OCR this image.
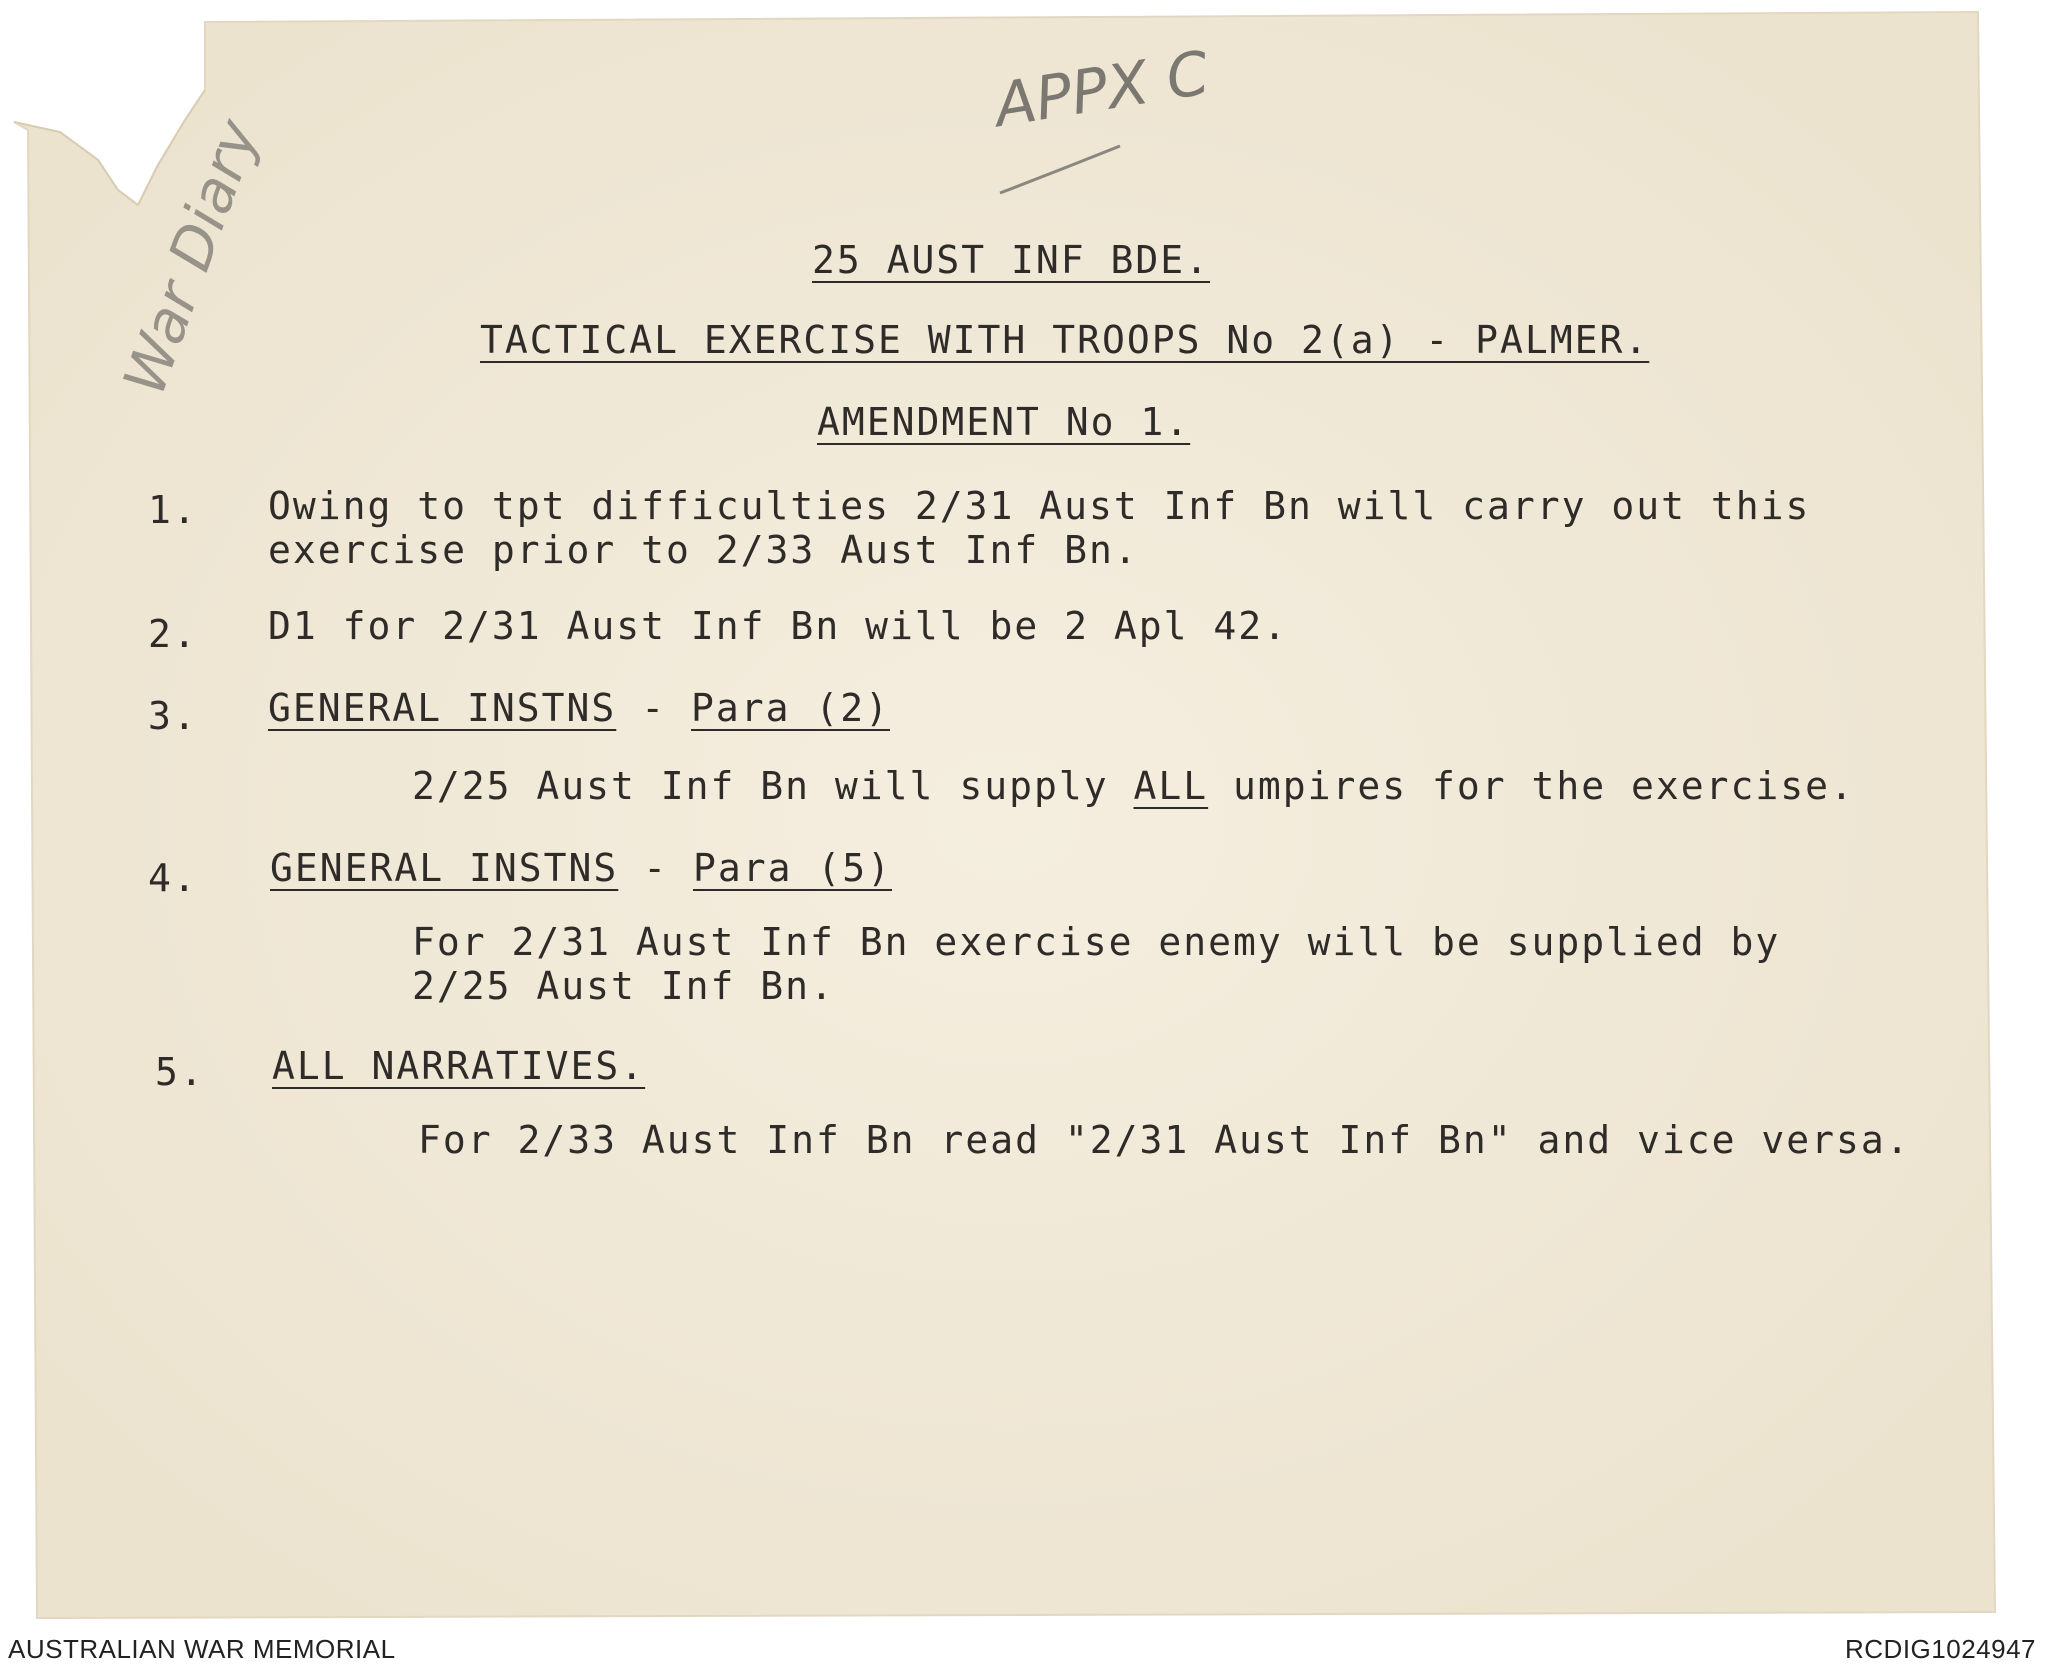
APPX C
War Diary	25 AUST INF BDE.
TACTICAL EXERCISE WITH TROOPS No 2(a) - PALMER.
AMENDMENT No 1.
1. Owing to tpt difficulties 2/31 Aust Inf Bn will carry out this
exercise prior to 2/33 Aust Inf Bn.
2. D1 for 2/31 Aust Inf Bn will be 2 Apl 42.
3. GENERAL INSTNS - Para (2)
2/25 Aust Inf Bn will supply ALL umpires for the exercise.
4. GENERAL INSTNS - Para (5)
For 2/31 Aust Inf Bn exercise enemy will be supplied by
2/25 Aust Inf Bn.
5. ALL NARRATIVES.
For 2/33 Aust Inf Bn read "2/31 Aust Inf Bn" and vice versa.
AUSTRALIAN WAR MEMORIAL	RCDIG1024947
